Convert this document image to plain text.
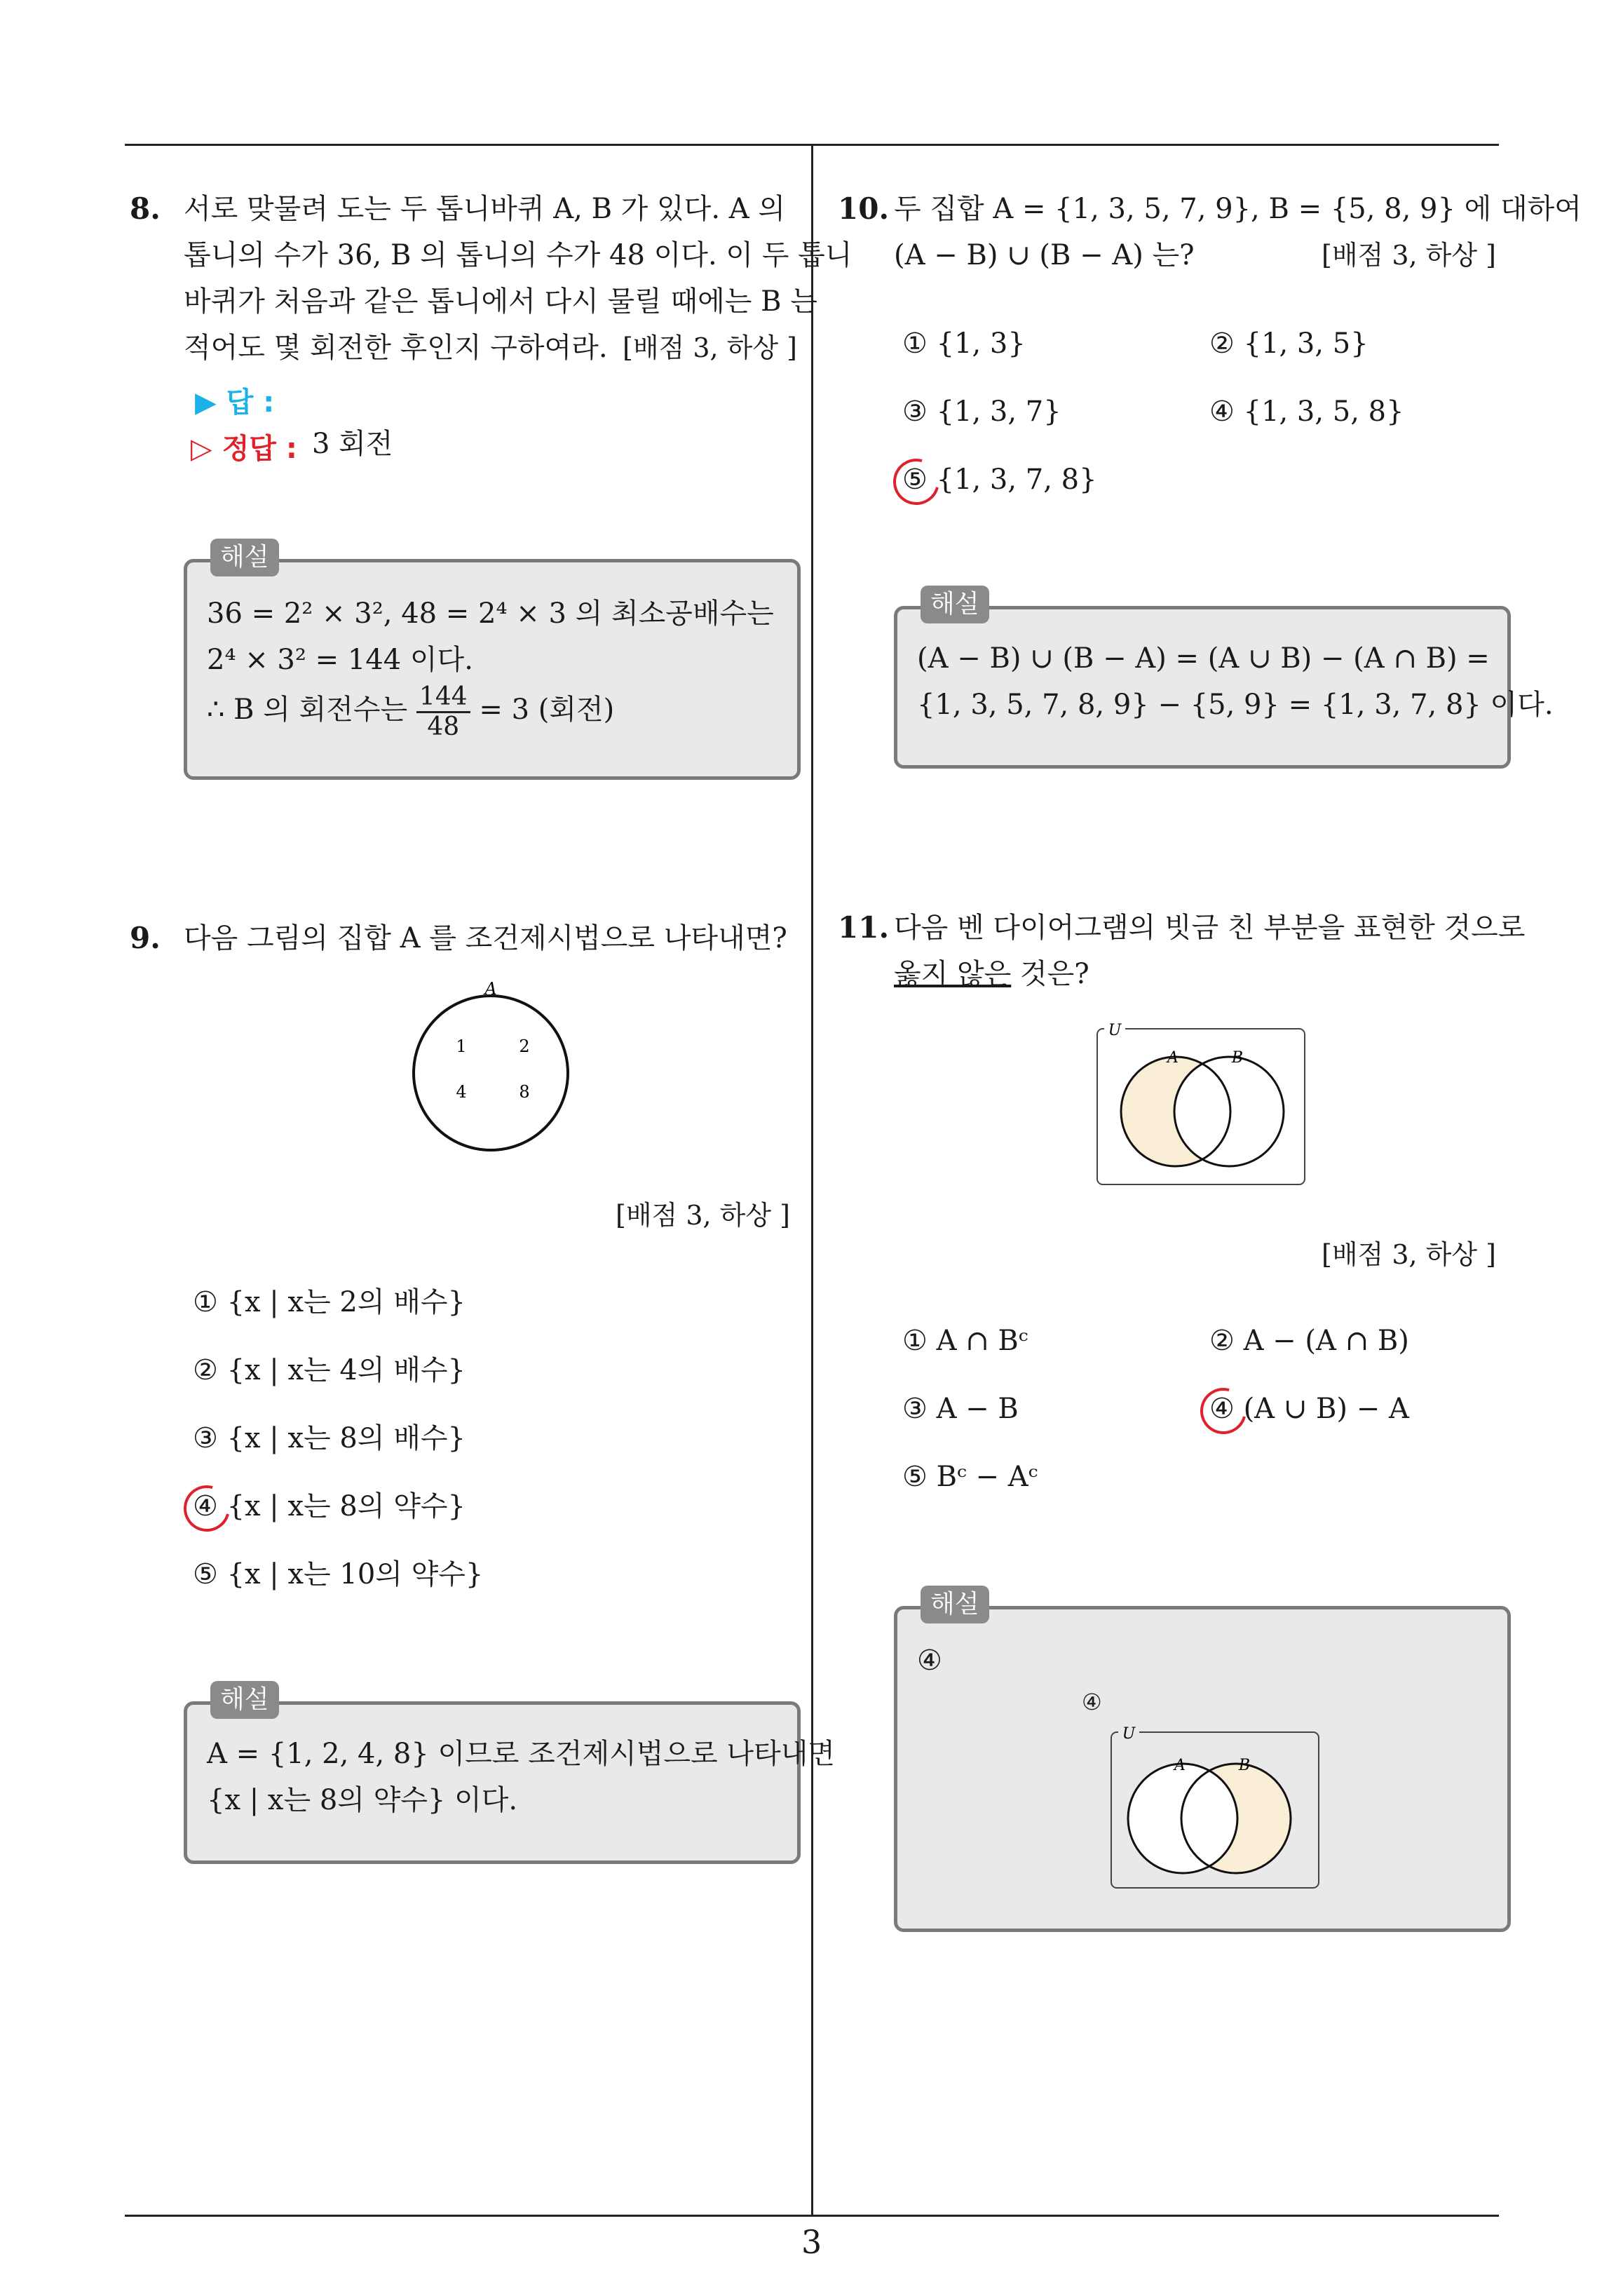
3
8. 서로 맞물려 도는 두 톱니바퀴 A, B 가 있다. A 의
톱니의 수가 36, B 의 톱니의 수가 48 이다. 이 두 톱니
바퀴가 처음과 같은 톱니에서 다시 물릴 때에는 B 는
적어도 몇 회전한 후인지 구하여라. [배점 3, 하상 ]
▶ 답 :
▷ 정답 : 3 회전
해설
36 = 2² × 3², 48 = 2⁴ × 3 의 최소공배수는
2⁴ × 3² = 144 이다.
∴ B 의 회전수는 $\frac{144}{48} = 3$ (회전)
9. 다음 그림의 집합 A 를 조건제시법으로 나타내면?
A
1	2
4	8
[배점 3, 하상 ]
① {x | x는 2의 배수}
② {x | x는 4의 배수}
③ {x | x는 8의 배수}
④ {x | x는 8의 약수}
⑤ {x | x는 10의 약수}
해설
A = {1, 2, 4, 8} 이므로 조건제시법으로 나타내면
{x | x는 8의 약수} 이다.
10. 두 집합 A = {1, 3, 5, 7, 9}, B = {5, 8, 9} 에 대하여
(A − B) ∪ (B − A) 는?	[배점 3, 하상 ]
① {1, 3}	② {1, 3, 5}
③ {1, 3, 7}	④ {1, 3, 5, 8}
⑤ {1, 3, 7, 8}
해설
(A − B) ∪ (B − A) = (A ∪ B) − (A ∩ B) =
{1, 3, 5, 7, 8, 9} − {5, 9} = {1, 3, 7, 8} 이다.
11. 다음 벤 다이어그램의 빗금 친 부분을 표현한 것으로
옳지 않은 것은?
U
A	B
[배점 3, 하상 ]
① A ∩ Bᶜ	② A − (A ∩ B)
③ A − B	④ (A ∪ B) − A
⑤ Bᶜ − Aᶜ
해설
④
④
U
A	B
